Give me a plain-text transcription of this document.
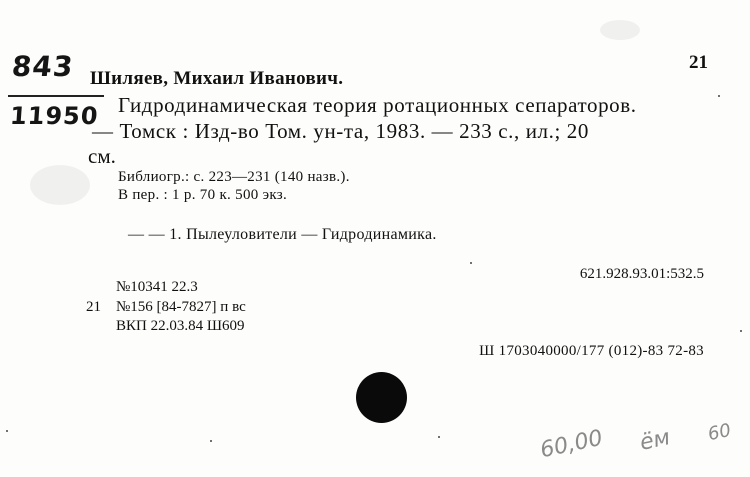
843
11950
21
Шиляев, Михаил Иванович.
Гидродинамическая теория ротационных сепараторов.
— Томск : Изд-во Том. ун-та, 1983. — 233 с., ил.; 20
см.
Библиогр.: с. 223—231 (140 назв.).
В пер. : 1 р. 70 к. 500 экз.
— — 1. Пылеуловители — Гидродинамика.
621.928.93.01:532.5
№10341 22.3
21 №156 [84-7827] п вс
ВКП 22.03.84 Ш609
Ш 1703040000/177 (012)-83 72-83
60,00 ём 60
